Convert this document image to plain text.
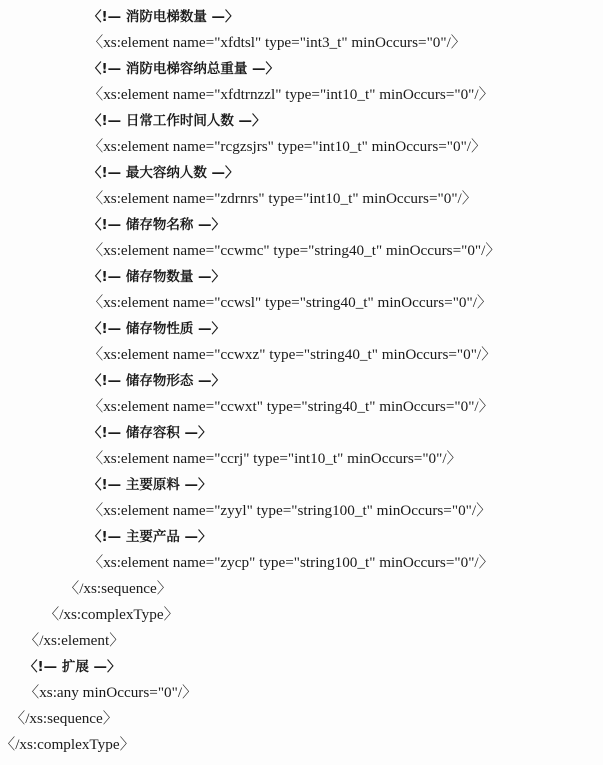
〈!— 消防电梯数量 —〉
〈xs:element name="xfdtsl" type="int3_t" minOccurs="0"/〉
〈!— 消防电梯容纳总重量 —〉
〈xs:element name="xfdtrnzzl" type="int10_t" minOccurs="0"/〉
〈!— 日常工作时间人数 —〉
〈xs:element name="rcgzsjrs" type="int10_t" minOccurs="0"/〉
〈!— 最大容纳人数 —〉
〈xs:element name="zdrnrs" type="int10_t" minOccurs="0"/〉
〈!— 储存物名称 —〉
〈xs:element name="ccwmc" type="string40_t" minOccurs="0"/〉
〈!— 储存物数量 —〉
〈xs:element name="ccwsl" type="string40_t" minOccurs="0"/〉
〈!— 储存物性质 —〉
〈xs:element name="ccwxz" type="string40_t" minOccurs="0"/〉
〈!— 储存物形态 —〉
〈xs:element name="ccwxt" type="string40_t" minOccurs="0"/〉
〈!— 储存容积 —〉
〈xs:element name="ccrj" type="int10_t" minOccurs="0"/〉
〈!— 主要原料 —〉
〈xs:element name="zyyl" type="string100_t" minOccurs="0"/〉
〈!— 主要产品 —〉
〈xs:element name="zycp" type="string100_t" minOccurs="0"/〉
〈/xs:sequence〉
〈/xs:complexType〉
〈/xs:element〉
〈!— 扩展 —〉
〈xs:any minOccurs="0"/〉
〈/xs:sequence〉
〈/xs:complexType〉
